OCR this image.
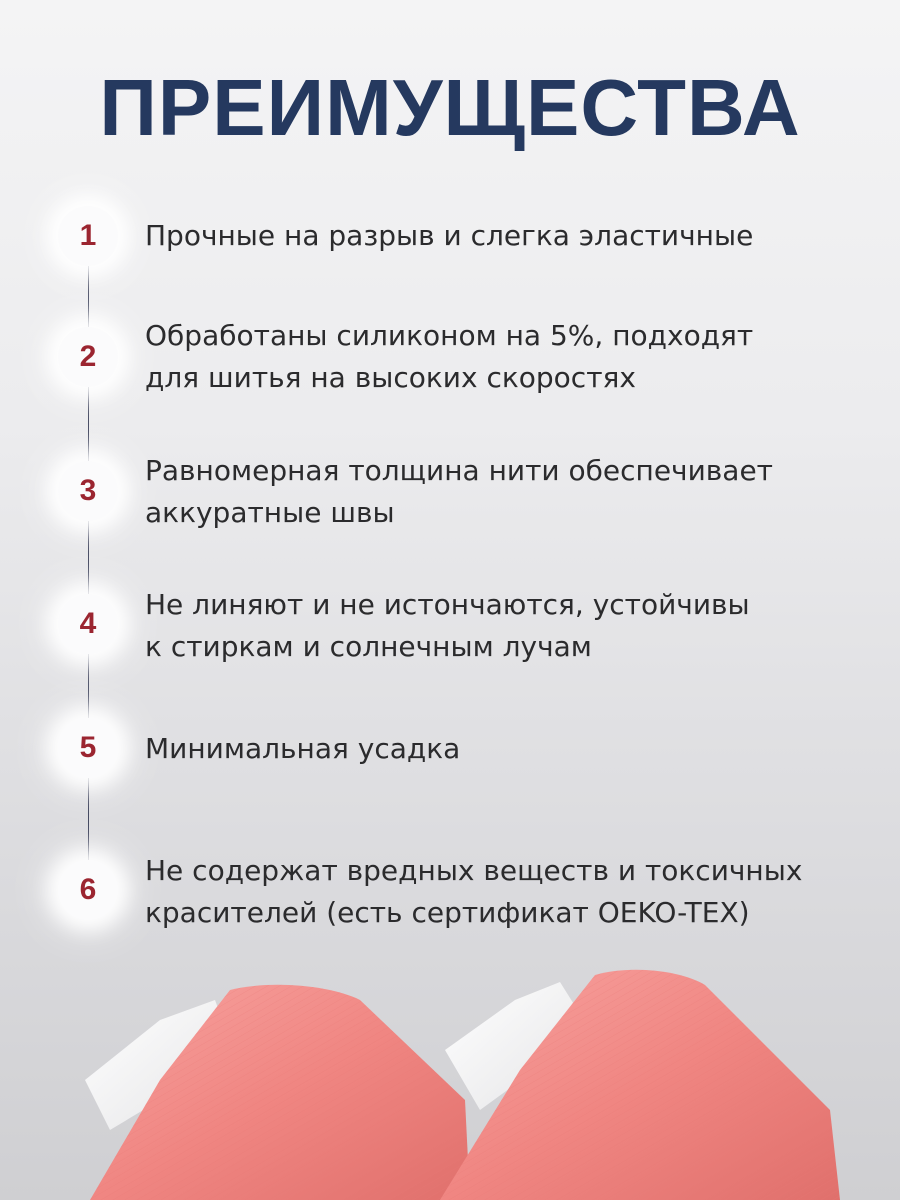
ПРЕИМУЩЕСТВА
1	Прочные на разрыв и слегка эластичные

2

Обработаны силиконом на 5%, подходят
для шитья на высоких скоростях

3

Равномерная толщина нити обеспечивает
аккуратные швы

4

Не линяют и не истончаются, устойчивы
к стиркам и солнечным лучам

5	Минимальная усадка

6

Не содержат вредных веществ и токсичных
красителей (есть сертификат OEKO-TEX)
